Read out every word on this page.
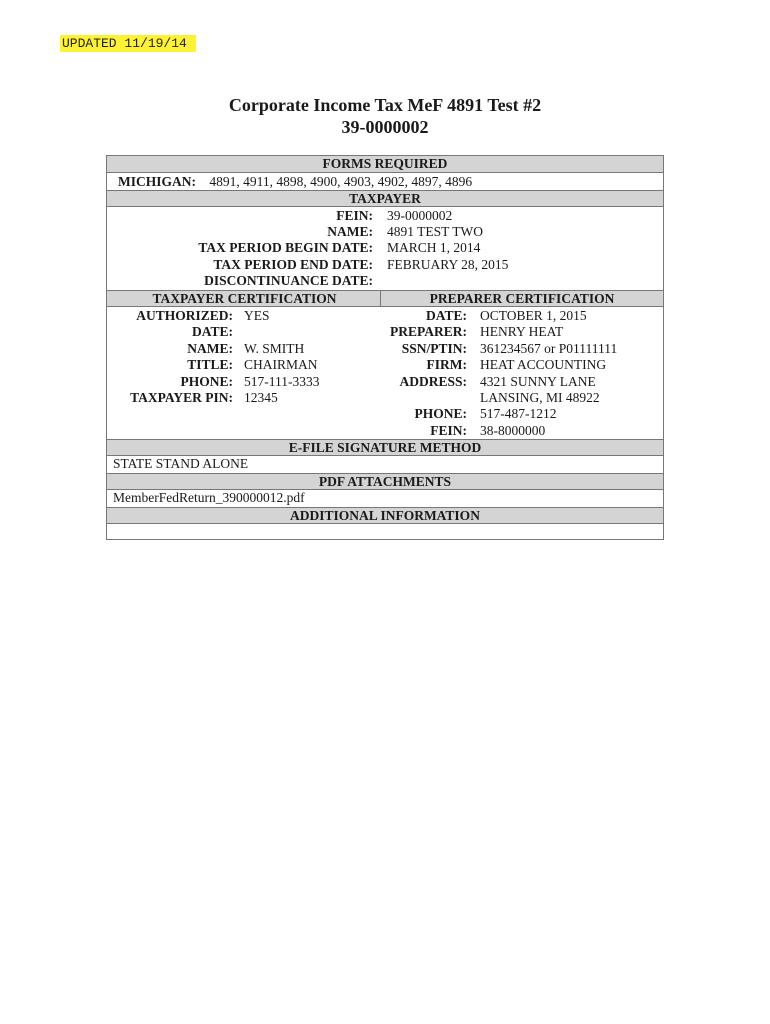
UPDATED 11/19/14
Corporate Income Tax MeF 4891 Test #2
39-0000002
FORMS REQUIRED
MICHIGAN: 4891, 4911, 4898, 4900, 4903, 4902, 4897, 4896
TAXPAYER
FEIN: 39-0000002
NAME: 4891 TEST TWO
TAX PERIOD BEGIN DATE: MARCH 1, 2014
TAX PERIOD END DATE: FEBRUARY 28, 2015
DISCONTINUANCE DATE:
TAXPAYER CERTIFICATION	PREPARER CERTIFICATION
AUTHORIZED: YES
DATE:
NAME: W. SMITH
TITLE: CHAIRMAN
PHONE: 517-111-3333
TAXPAYER PIN: 12345
DATE: OCTOBER 1, 2015
PREPARER: HENRY HEAT
SSN/PTIN: 361234567 or P01111111
FIRM: HEAT ACCOUNTING
ADDRESS: 4321 SUNNY LANE
LANSING, MI 48922
PHONE: 517-487-1212
FEIN: 38-8000000
E-FILE SIGNATURE METHOD
STATE STAND ALONE
PDF ATTACHMENTS
MemberFedReturn_390000012.pdf
ADDITIONAL INFORMATION
